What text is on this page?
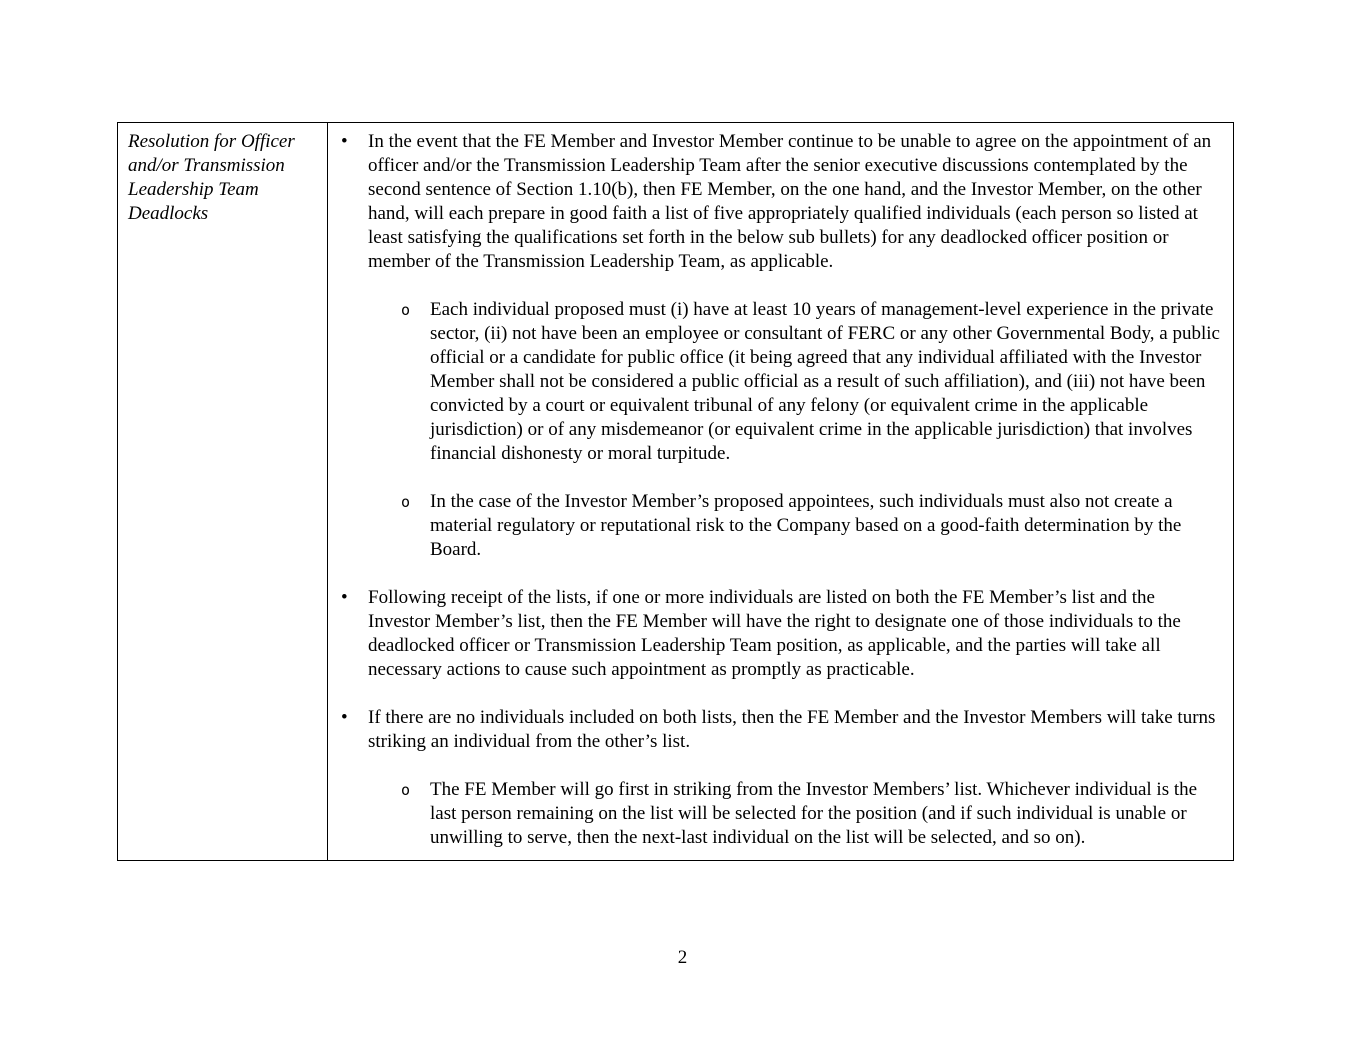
Resolution for Officer and/or Transmission Leadership Team Deadlocks
•	In the event that the FE Member and Investor Member continue to be unable to agree on the appointment of an officer and/or the Transmission Leadership Team after the senior executive discussions contemplated by the second sentence of Section 1.10(b), then FE Member, on the one hand, and the Investor Member, on the other hand, will each prepare in good faith a list of five appropriately qualified individuals (each person so listed at least satisfying the qualifications set forth in the below sub bullets) for any deadlocked officer position or member of the Transmission Leadership Team, as applicable.
o	Each individual proposed must (i) have at least 10 years of management-level experience in the private sector, (ii) not have been an employee or consultant of FERC or any other Governmental Body, a public official or a candidate for public office (it being agreed that any individual affiliated with the Investor Member shall not be considered a public official as a result of such affiliation), and (iii) not have been convicted by a court or equivalent tribunal of any felony (or equivalent crime in the applicable jurisdiction) or of any misdemeanor (or equivalent crime in the applicable jurisdiction) that involves financial dishonesty or moral turpitude.
o	In the case of the Investor Member’s proposed appointees, such individuals must also not create a material regulatory or reputational risk to the Company based on a good-faith determination by the Board.
•	Following receipt of the lists, if one or more individuals are listed on both the FE Member’s list and the Investor Member’s list, then the FE Member will have the right to designate one of those individuals to the deadlocked officer or Transmission Leadership Team position, as applicable, and the parties will take all necessary actions to cause such appointment as promptly as practicable.
•	If there are no individuals included on both lists, then the FE Member and the Investor Members will take turns striking an individual from the other’s list.
o	The FE Member will go first in striking from the Investor Members’ list. Whichever individual is the last person remaining on the list will be selected for the position (and if such individual is unable or unwilling to serve, then the next-last individual on the list will be selected, and so on).
2
